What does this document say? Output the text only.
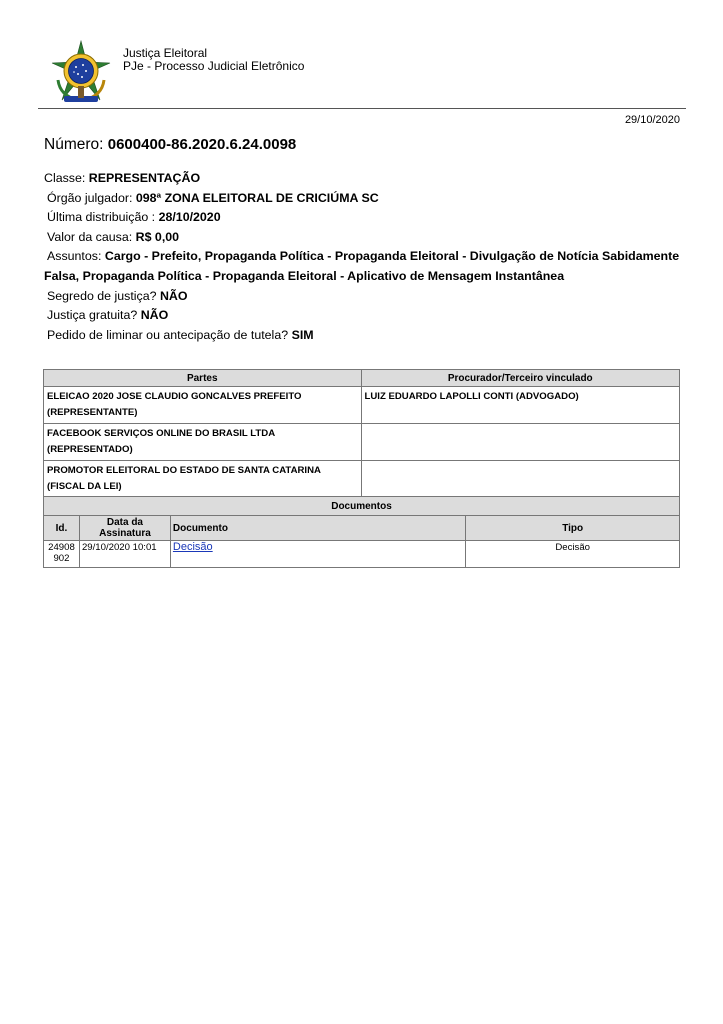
Justiça Eleitoral
PJe - Processo Judicial Eletrônico
29/10/2020
Número: 0600400-86.2020.6.24.0098
Classe: REPRESENTAÇÃO
Órgão julgador: 098ª ZONA ELEITORAL DE CRICIÚMA SC
Última distribuição : 28/10/2020
Valor da causa: R$ 0,00
Assuntos: Cargo - Prefeito, Propaganda Política - Propaganda Eleitoral - Divulgação de Notícia Sabidamente Falsa, Propaganda Política - Propaganda Eleitoral - Aplicativo de Mensagem Instantânea
Segredo de justiça? NÃO
Justiça gratuita? NÃO
Pedido de liminar ou antecipação de tutela? SIM
Partes	Procurador/Terceiro vinculado
ELEICAO 2020 JOSE CLAUDIO GONCALVES PREFEITO (REPRESENTANTE)	LUIZ EDUARDO LAPOLLI CONTI (ADVOGADO)
FACEBOOK SERVIÇOS ONLINE DO BRASIL LTDA (REPRESENTADO)	
PROMOTOR ELEITORAL DO ESTADO DE SANTA CATARINA (FISCAL DA LEI)	
Documentos			
Id.	Data da Assinatura	Documento	Tipo
24908902	29/10/2020 10:01	Decisão	Decisão
